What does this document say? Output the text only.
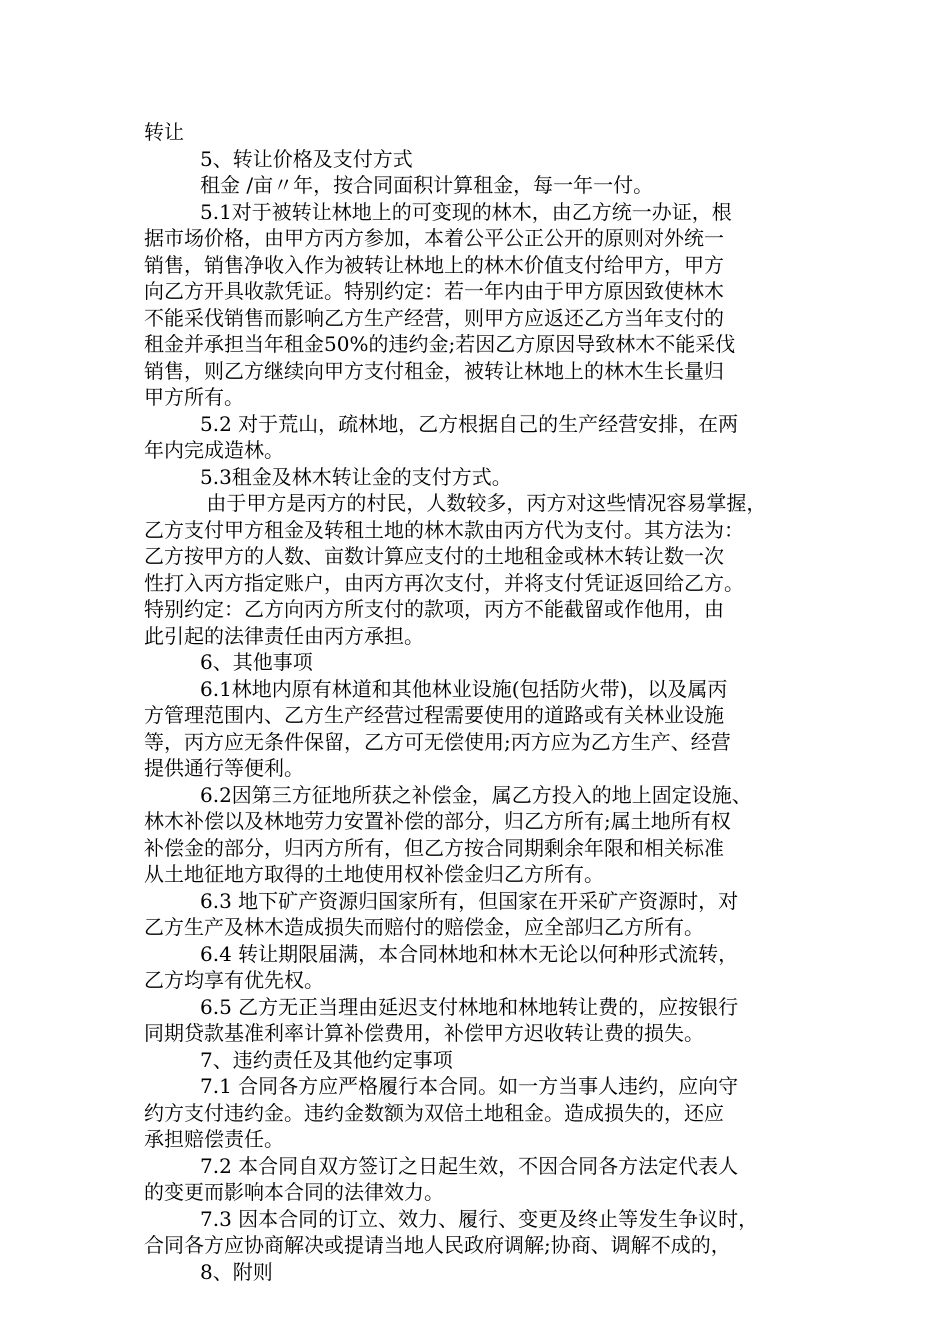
转让

5、转让价格及支付方式

租金 /亩〃年，按合同面积计算租金，每一年一付。

5.1对于被转让林地上的可变现的林木，由乙方统一办证，根

据市场价格，由甲方丙方参加，本着公平公正公开的原则对外统一

销售，销售净收入作为被转让林地上的林木价值支付给甲方，甲方

向乙方开具收款凭证。特别约定：若一年内由于甲方原因致使林木

不能采伐销售而影响乙方生产经营，则甲方应返还乙方当年支付的

租金并承担当年租金50%的违约金;若因乙方原因导致林木不能采伐

销售，则乙方继续向甲方支付租金，被转让林地上的林木生长量归

甲方所有。

5.2 对于荒山，疏林地，乙方根据自己的生产经营安排，在两

年内完成造林。

5.3租金及林木转让金的支付方式。

由于甲方是丙方的村民，人数较多，丙方对这些情况容易掌握，

乙方支付甲方租金及转租土地的林木款由丙方代为支付。其方法为：

乙方按甲方的人数、亩数计算应支付的土地租金或林木转让数一次

性打入丙方指定账户，由丙方再次支付，并将支付凭证返回给乙方。

特别约定：乙方向丙方所支付的款项，丙方不能截留或作他用，由

此引起的法律责任由丙方承担。

6、其他事项

6.1林地内原有林道和其他林业设施(包括防火带)，以及属丙

方管理范围内、乙方生产经营过程需要使用的道路或有关林业设施

等，丙方应无条件保留，乙方可无偿使用;丙方应为乙方生产、经营

提供通行等便利。

6.2因第三方征地所获之补偿金，属乙方投入的地上固定设施、

林木补偿以及林地劳力安置补偿的部分，归乙方所有;属土地所有权

补偿金的部分，归丙方所有，但乙方按合同期剩余年限和相关标准

从土地征地方取得的土地使用权补偿金归乙方所有。

6.3 地下矿产资源归国家所有，但国家在开采矿产资源时，对

乙方生产及林木造成损失而赔付的赔偿金，应全部归乙方所有。

6.4 转让期限届满，本合同林地和林木无论以何种形式流转，

乙方均享有优先权。

6.5 乙方无正当理由延迟支付林地和林地转让费的，应按银行

同期贷款基准利率计算补偿费用，补偿甲方迟收转让费的损失。

7、违约责任及其他约定事项

7.1 合同各方应严格履行本合同。如一方当事人违约，应向守

约方支付违约金。违约金数额为双倍土地租金。造成损失的，还应

承担赔偿责任。

7.2 本合同自双方签订之日起生效，不因合同各方法定代表人

的变更而影响本合同的法律效力。

7.3 因本合同的订立、效力、履行、变更及终止等发生争议时，

合同各方应协商解决或提请当地人民政府调解;协商、调解不成的，

8、附则
